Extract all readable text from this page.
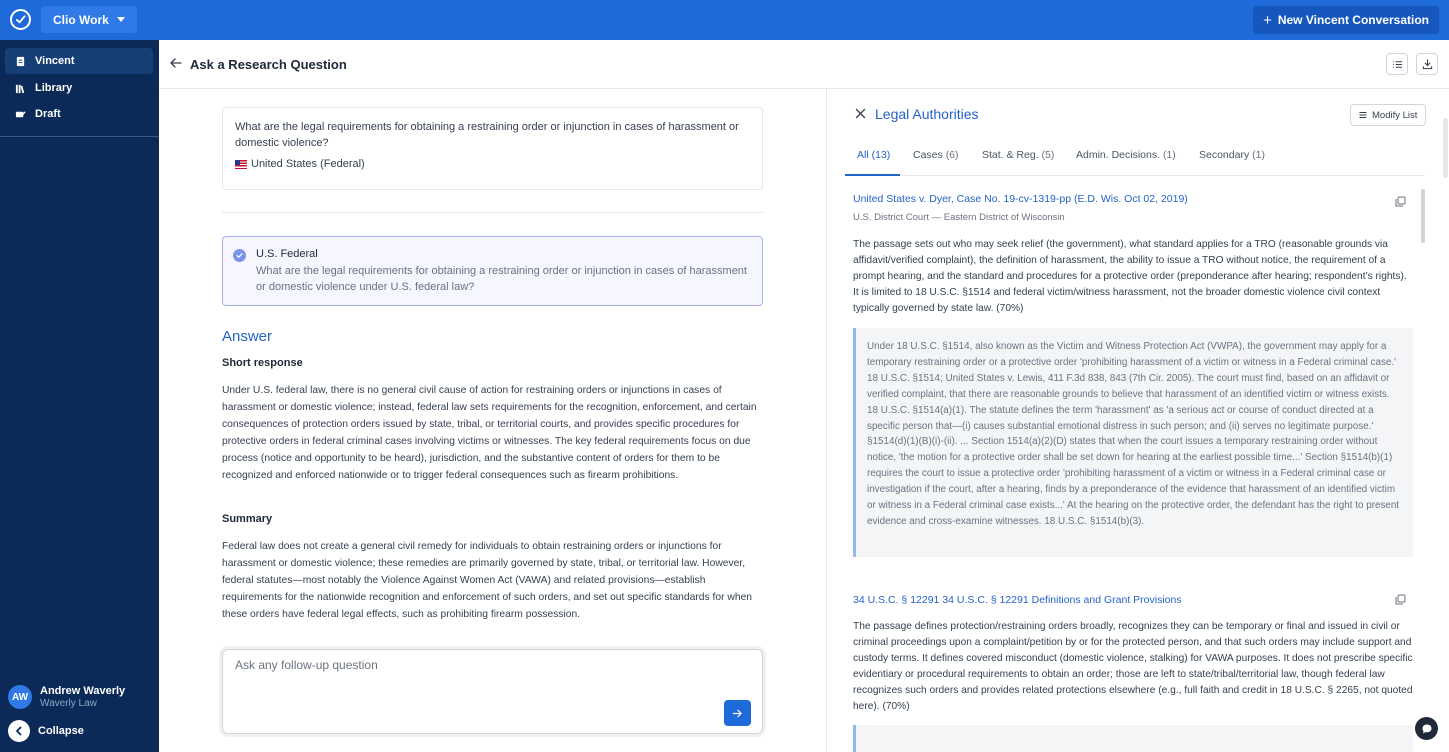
Clio Work	+ New Vincent Conversation
Vincent
Library
Draft
AW	Andrew Waverly
Waverly Law
Collapse
Ask a Research Question
What are the legal requirements for obtaining a restraining order or injunction in cases of harassment or domestic violence?
United States (Federal)
U.S. Federal
What are the legal requirements for obtaining a restraining order or injunction in cases of harassment or domestic violence under U.S. federal law?
Answer
Short response
Under U.S. federal law, there is no general civil cause of action for restraining orders or injunctions in cases of harassment or domestic violence; instead, federal law sets requirements for the recognition, enforcement, and certain consequences of protection orders issued by state, tribal, or territorial courts, and provides specific procedures for protective orders in federal criminal cases involving victims or witnesses. The key federal requirements focus on due process (notice and opportunity to be heard), jurisdiction, and the substantive content of orders for them to be recognized and enforced nationwide or to trigger federal consequences such as firearm prohibitions.
Summary
Federal law does not create a general civil remedy for individuals to obtain restraining orders or injunctions for harassment or domestic violence; these remedies are primarily governed by state, tribal, or territorial law. However, federal statutes—most notably the Violence Against Women Act (VAWA) and related provisions—establish requirements for the nationwide recognition and enforcement of such orders, and set out specific standards for when these orders have federal legal effects, such as prohibiting firearm possession.
Ask any follow-up question
Legal Authorities	Modify List
All (13) Cases (6) Stat. & Reg. (5) Admin. Decisions. (1) Secondary (1)
United States v. Dyer, Case No. 19-cv-1319-pp (E.D. Wis. Oct 02, 2019)
U.S. District Court — Eastern District of Wisconsin
The passage sets out who may seek relief (the government), what standard applies for a TRO (reasonable grounds via affidavit/verified complaint), the definition of harassment, the ability to issue a TRO without notice, the requirement of a prompt hearing, and the standard and procedures for a protective order (preponderance after hearing; respondent’s rights). It is limited to 18 U.S.C. §1514 and federal victim/witness harassment, not the broader domestic violence civil context typically governed by state law. (70%)
Under 18 U.S.C. §1514, also known as the Victim and Witness Protection Act (VWPA), the government may apply for a temporary restraining order or a protective order 'prohibiting harassment of a victim or witness in a Federal criminal case.' 18 U.S.C. §1514; United States v. Lewis, 411 F.3d 838, 843 (7th Cir. 2005). The court must find, based on an affidavit or verified complaint, that there are reasonable grounds to believe that harassment of an identified victim or witness exists. 18 U.S.C. §1514(a)(1). The statute defines the term 'harassment' as 'a serious act or course of conduct directed at a specific person that—(i) causes substantial emotional distress in such person; and (ii) serves no legitimate purpose.' §1514(d)(1)(B)(i)-(ii). ... Section 1514(a)(2)(D) states that when the court issues a temporary restraining order without notice, 'the motion for a protective order shall be set down for hearing at the earliest possible time...' Section §1514(b)(1) requires the court to issue a protective order 'prohibiting harassment of a victim or witness in a Federal criminal case or investigation if the court, after a hearing, finds by a preponderance of the evidence that harassment of an identified victim or witness in a Federal criminal case exists...' At the hearing on the protective order, the defendant has the right to present evidence and cross-examine witnesses. 18 U.S.C. §1514(b)(3).
34 U.S.C. § 12291 34 U.S.C. § 12291 Definitions and Grant Provisions
The passage defines protection/restraining orders broadly, recognizes they can be temporary or final and issued in civil or criminal proceedings upon a complaint/petition by or for the protected person, and that such orders may include support and custody terms. It defines covered misconduct (domestic violence, stalking) for VAWA purposes. It does not prescribe specific evidentiary or procedural requirements to obtain an order; those are left to state/tribal/territorial law, though federal law recognizes such orders and provides related protections elsewhere (e.g., full faith and credit in 18 U.S.C. § 2265, not quoted here). (70%)
